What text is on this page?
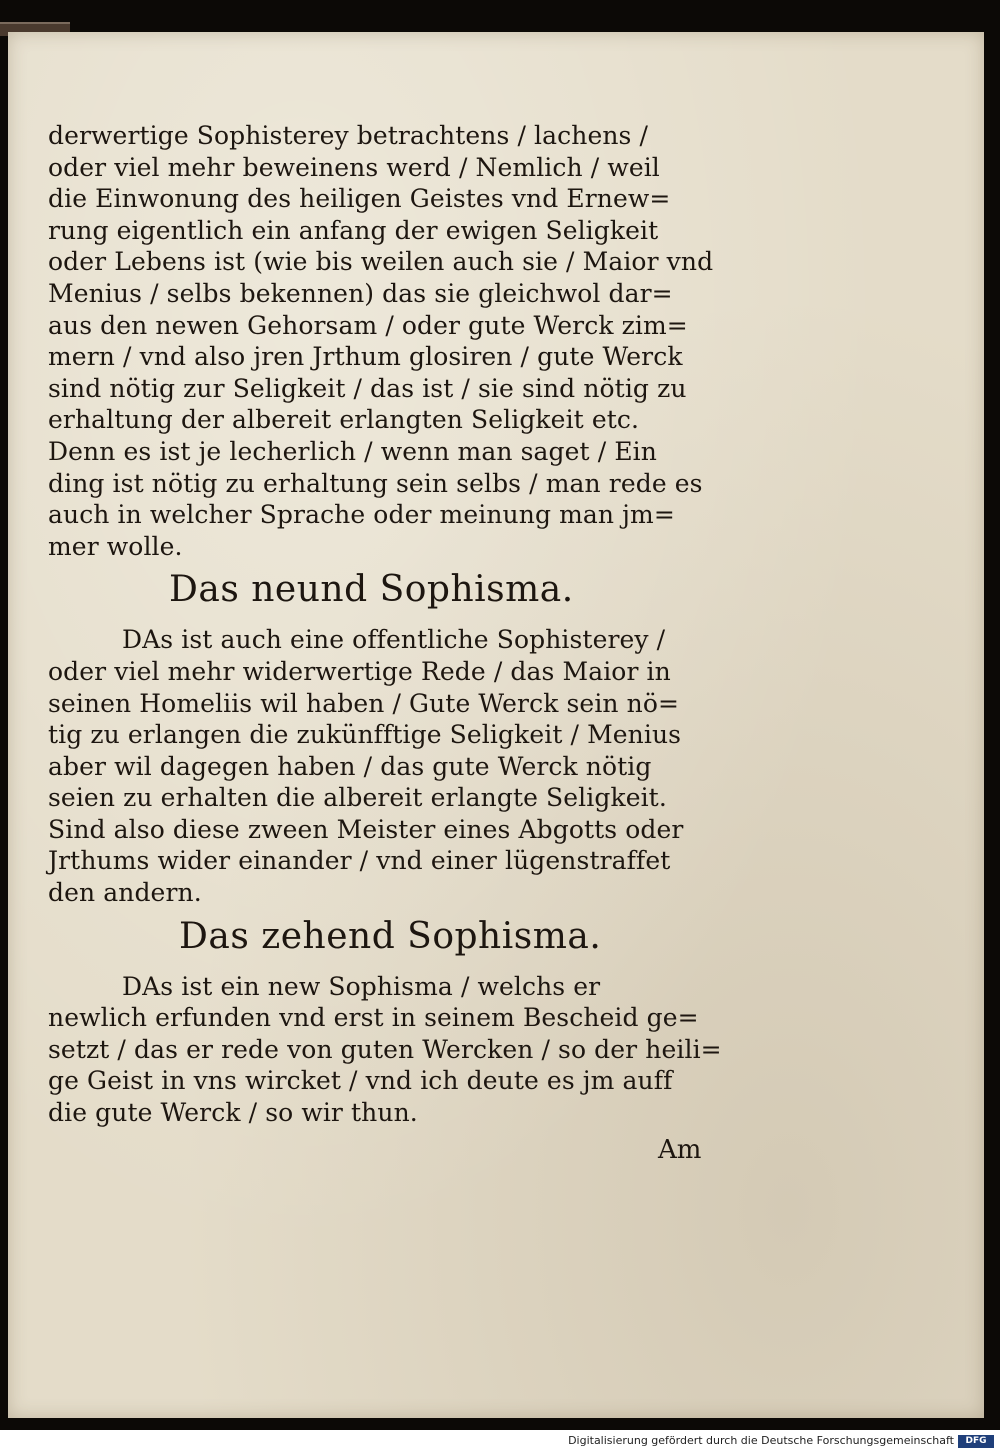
derwertige Sophisterey betrachtens / lachens /
oder viel mehr beweinens werd / Nemlich / weil
die Einwonung des heiligen Geistes vnd Ernew=
rung eigentlich ein anfang der ewigen Seligkeit
oder Lebens ist (wie bis weilen auch sie / Maior vnd
Menius / selbs bekennen) das sie gleichwol dar=
aus den newen Gehorsam / oder gute Werck zim=
mern / vnd also jren Jrthum glosiren / gute Werck
sind nötig zur Seligkeit / das ist / sie sind nötig zu
erhaltung der albereit erlangten Seligkeit etc.
Denn es ist je lecherlich / wenn man saget / Ein
ding ist nötig zu erhaltung sein selbs / man rede es
auch in welcher Sprache oder meinung man jm=
mer wolle.
Das neund Sophisma.
DAs ist auch eine offentliche Sophisterey /
oder viel mehr widerwertige Rede / das Maior in
seinen Homeliis wil haben / Gute Werck sein nö=
tig zu erlangen die zukünfftige Seligkeit / Menius
aber wil dagegen haben / das gute Werck nötig
seien zu erhalten die albereit erlangte Seligkeit.
Sind also diese zween Meister eines Abgotts oder
Jrthums wider einander / vnd einer lügenstraffet
den andern.
Das zehend Sophisma.
DAs ist ein new Sophisma / welchs er
newlich erfunden vnd erst in seinem Bescheid ge=
setzt / das er rede von guten Wercken / so der heili=
ge Geist in vns wircket / vnd ich deute es jm auff
die gute Werck / so wir thun.
Am
Digitalisierung gefördert durch die Deutsche Forschungsgemeinschaft	DFG
